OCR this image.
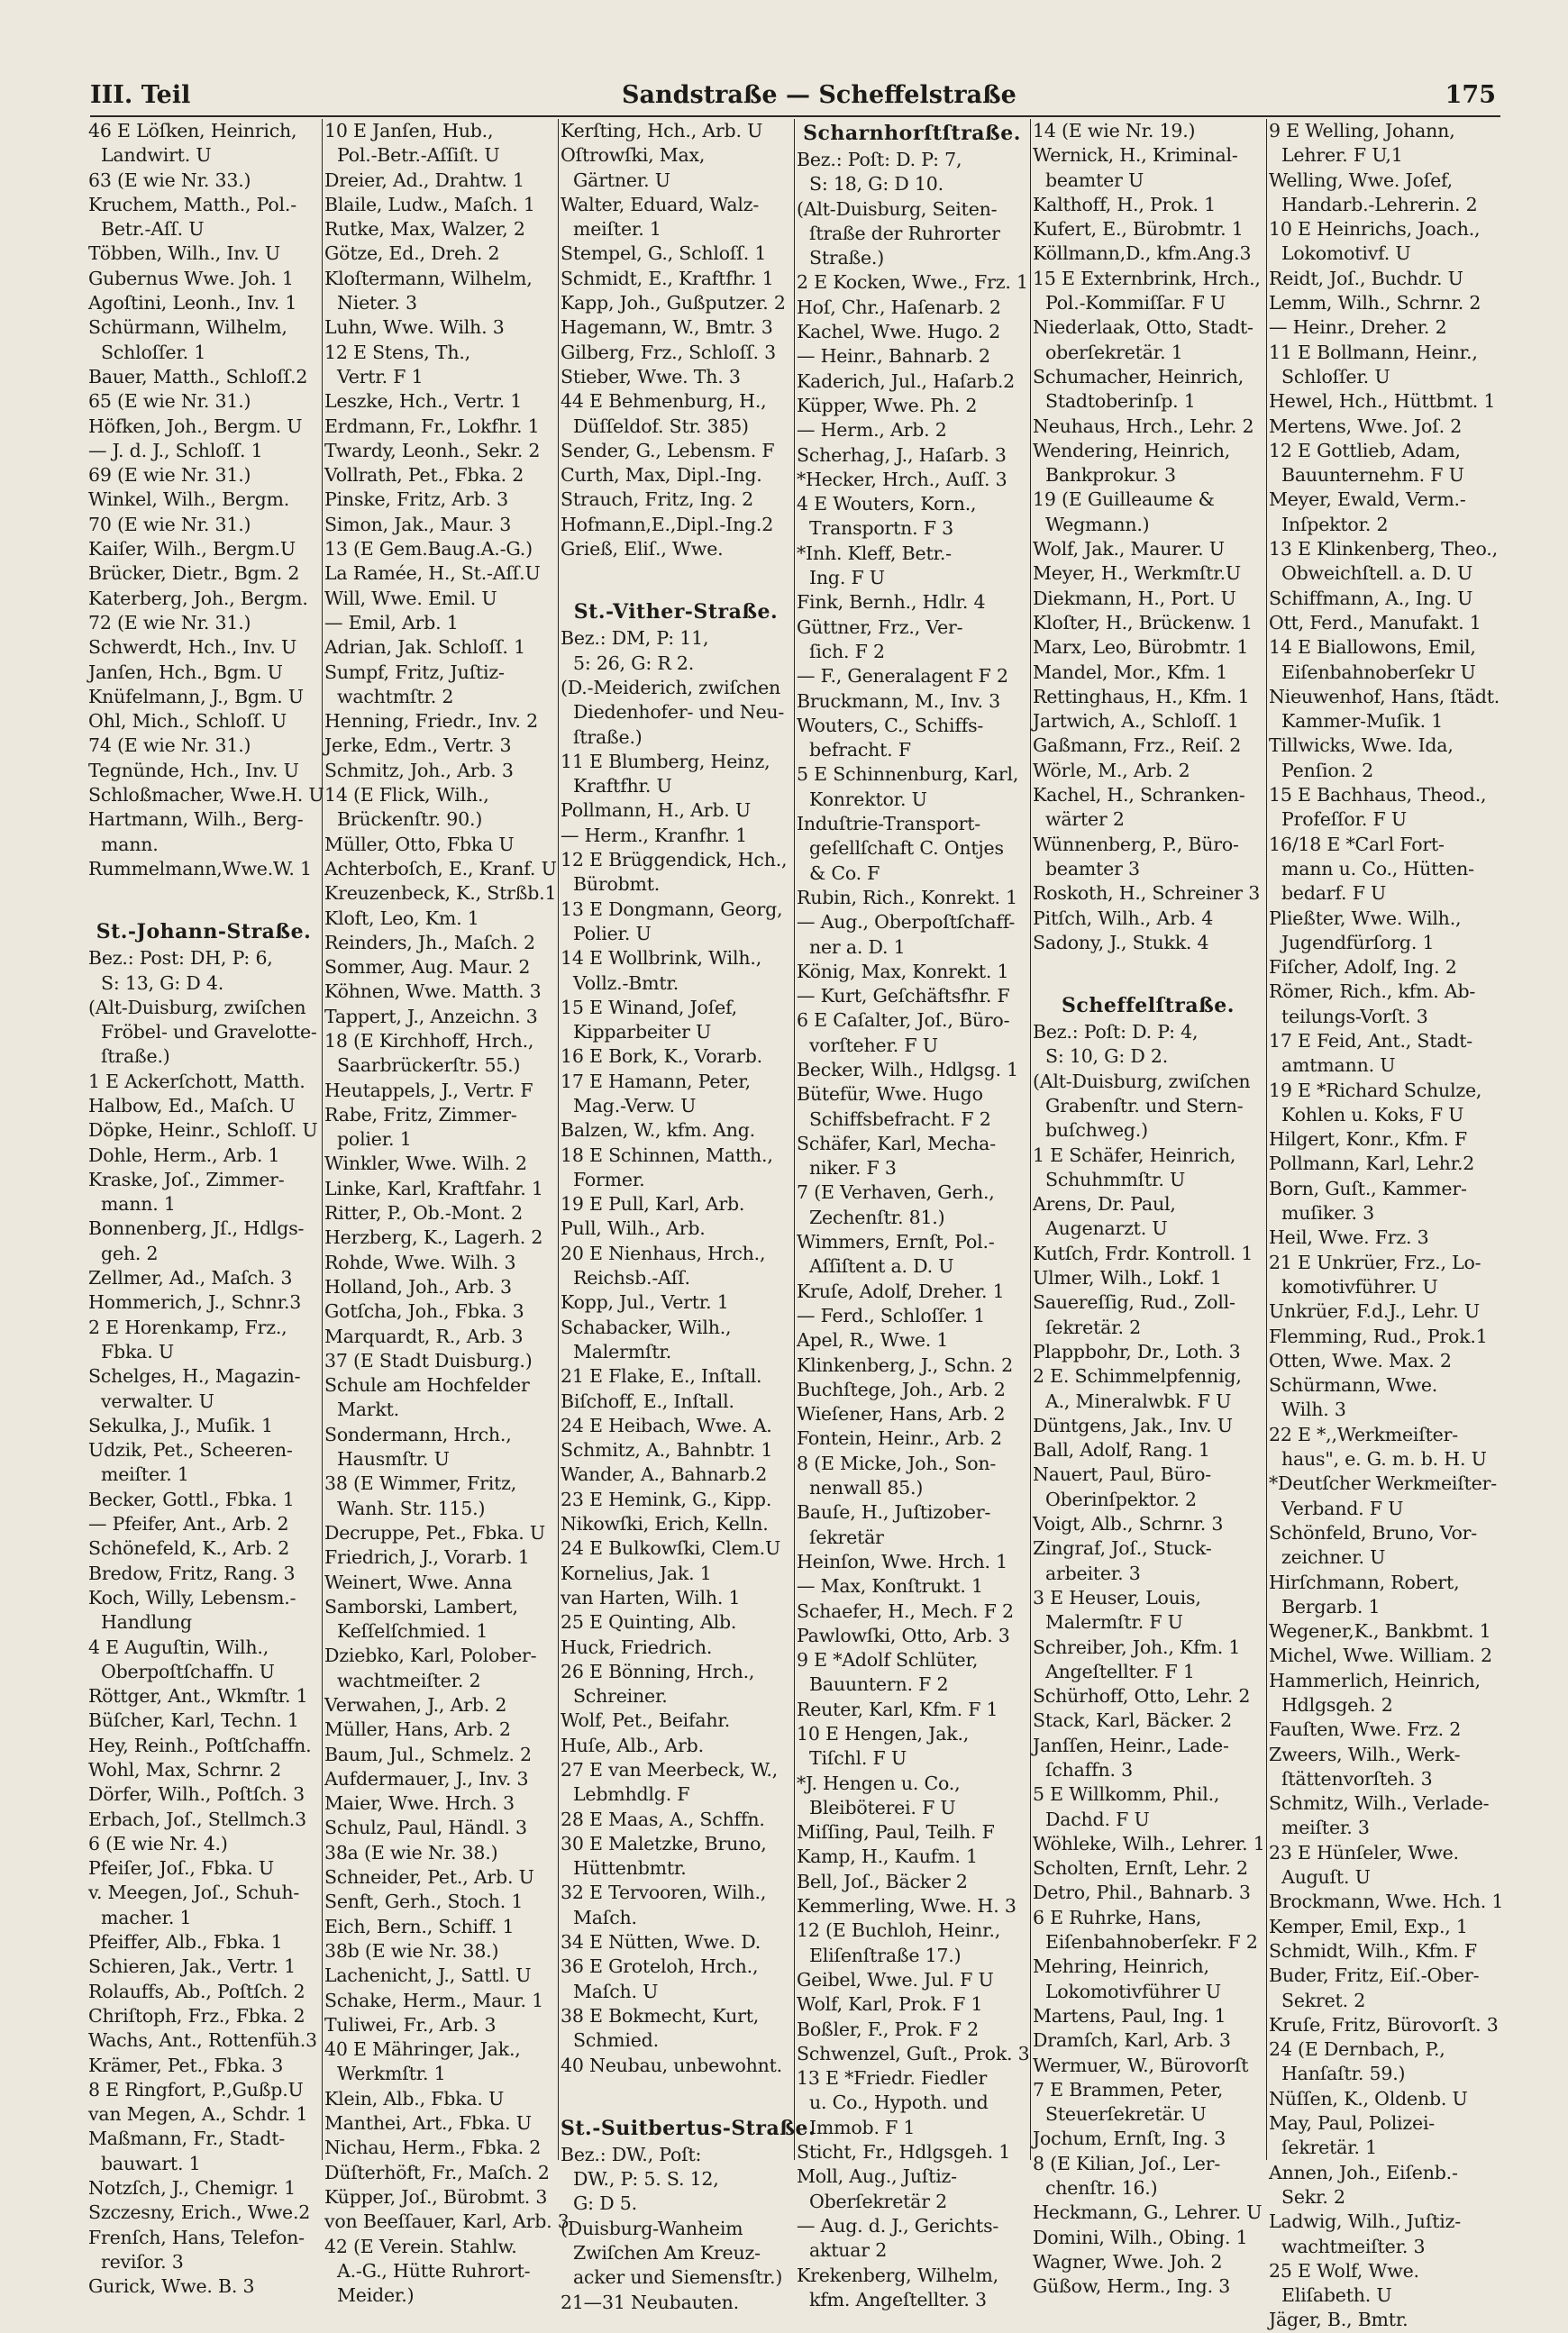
III. Teil	Sandstraße — Scheffelstraße	175
46 E Löſken, Heinrich,
Landwirt. U
63 (E wie Nr. 33.)
Kruchem, Matth., Pol.-
Betr.-Aſſ. U
Többen, Wilh., Inv. U
Gubernus Wwe. Joh. 1
Agoſtini, Leonh., Inv. 1
Schürmann, Wilhelm,
Schloſſer. 1
Bauer, Matth., Schloſſ.2
65 (E wie Nr. 31.)
Höfken, Joh., Bergm. U
— J. d. J., Schloſſ. 1
69 (E wie Nr. 31.)
Winkel, Wilh., Bergm.
70 (E wie Nr. 31.)
Kaiſer, Wilh., Bergm.U
Brücker, Dietr., Bgm. 2
Katerberg, Joh., Bergm.
72 (E wie Nr. 31.)
Schwerdt, Hch., Inv. U
Janſen, Hch., Bgm. U
Knüfelmann, J., Bgm. U
Ohl, Mich., Schloſſ. U
74 (E wie Nr. 31.)
Tegnünde, Hch., Inv. U
Schloßmacher, Wwe.H. U
Hartmann, Wilh., Berg-
mann.
Rummelmann,Wwe.W. 1
St.-Johann-Straße.
Bez.: Post: DH, P: 6,
S: 13, G: D 4.
(Alt-Duisburg, zwiſchen
Fröbel- und Gravelotte-
ſtraße.)
1 E Ackerſchott, Matth.
Halbow, Ed., Maſch. U
Döpke, Heinr., Schloſſ. U
Dohle, Herm., Arb. 1
Kraske, Joſ., Zimmer-
mann. 1
Bonnenberg, Jſ., Hdlgs-
geh. 2
Zellmer, Ad., Maſch. 3
Hommerich, J., Schnr.3
2 E Horenkamp, Frz.,
Fbka. U
Schelges, H., Magazin-
verwalter. U
Sekulka, J., Muſik. 1
Udzik, Pet., Scheeren-
meiſter. 1
Becker, Gottl., Fbka. 1
— Pfeifer, Ant., Arb. 2
Schönefeld, K., Arb. 2
Bredow, Fritz, Rang. 3
Koch, Willy, Lebensm.-
Handlung
4 E Auguſtin, Wilh.,
Oberpoſtſchaffn. U
Röttger, Ant., Wkmſtr. 1
Büſcher, Karl, Techn. 1
Hey, Reinh., Poſtſchaffn.
Wohl, Max, Schrnr. 2
Dörfer, Wilh., Poſtſch. 3
Erbach, Joſ., Stellmch.3
6 (E wie Nr. 4.)
Pfeiſer, Joſ., Fbka. U
v. Meegen, Joſ., Schuh-
macher. 1
Pfeiffer, Alb., Fbka. 1
Schieren, Jak., Vertr. 1
Rolauffs, Ab., Poſtſch. 2
Chriſtoph, Frz., Fbka. 2
Wachs, Ant., Rottenfüh.3
Krämer, Pet., Fbka. 3
8 E Ringfort, P.,Gußp.U
van Megen, A., Schdr. 1
Maßmann, Fr., Stadt-
bauwart. 1
Notzſch, J., Chemigr. 1
Szczesny, Erich., Wwe.2
Frenſch, Hans, Telefon-
reviſor. 3
Gurick, Wwe. B. 3
10 E Janſen, Hub.,
Pol.-Betr.-Aſſiſt. U
Dreier, Ad., Drahtw. 1
Blaile, Ludw., Maſch. 1
Rutke, Max, Walzer, 2
Götze, Ed., Dreh. 2
Kloſtermann, Wilhelm,
Nieter. 3
Luhn, Wwe. Wilh. 3
12 E Stens, Th.,
Vertr. F 1
Leszke, Hch., Vertr. 1
Erdmann, Fr., Lokfhr. 1
Twardy, Leonh., Sekr. 2
Vollrath, Pet., Fbka. 2
Pinske, Fritz, Arb. 3
Simon, Jak., Maur. 3
13 (E Gem.Baug.A.-G.)
La Ramée, H., St.-Aſſ.U
Will, Wwe. Emil. U
— Emil, Arb. 1
Adrian, Jak. Schloſſ. 1
Sumpf, Fritz, Juſtiz-
wachtmſtr. 2
Henning, Friedr., Inv. 2
Jerke, Edm., Vertr. 3
Schmitz, Joh., Arb. 3
14 (E Flick, Wilh.,
Brückenſtr. 90.)
Müller, Otto, Fbka U
Achterboſch, E., Kranf. U
Kreuzenbeck, K., Strßb.1
Kloft, Leo, Km. 1
Reinders, Jh., Maſch. 2
Sommer, Aug. Maur. 2
Köhnen, Wwe. Matth. 3
Tappert, J., Anzeichn. 3
18 (E Kirchhoff, Hrch.,
Saarbrückerſtr. 55.)
Heutappels, J., Vertr. F
Rabe, Fritz, Zimmer-
polier. 1
Winkler, Wwe. Wilh. 2
Linke, Karl, Kraftfahr. 1
Ritter, P., Ob.-Mont. 2
Herzberg, K., Lagerh. 2
Rohde, Wwe. Wilh. 3
Holland, Joh., Arb. 3
Gotſcha, Joh., Fbka. 3
Marquardt, R., Arb. 3
37 (E Stadt Duisburg.)
Schule am Hochfelder
Markt.
Sondermann, Hrch.,
Hausmſtr. U
38 (E Wimmer, Fritz,
Wanh. Str. 115.)
Decruppe, Pet., Fbka. U
Friedrich, J., Vorarb. 1
Weinert, Wwe. Anna
Samborski, Lambert,
Keſſelſchmied. 1
Dziebko, Karl, Polober-
wachtmeiſter. 2
Verwahen, J., Arb. 2
Müller, Hans, Arb. 2
Baum, Jul., Schmelz. 2
Aufdermauer, J., Inv. 3
Maier, Wwe. Hrch. 3
Schulz, Paul, Händl. 3
38a (E wie Nr. 38.)
Schneider, Pet., Arb. U
Senft, Gerh., Stoch. 1
Eich, Bern., Schiff. 1
38b (E wie Nr. 38.)
Lachenicht, J., Sattl. U
Schake, Herm., Maur. 1
Tuliwei, Fr., Arb. 3
40 E Mähringer, Jak.,
Werkmſtr. 1
Klein, Alb., Fbka. U
Manthei, Art., Fbka. U
Nichau, Herm., Fbka. 2
Düſterhöft, Fr., Maſch. 2
Küpper, Joſ., Bürobmt. 3
von Beeſſauer, Karl, Arb. 3
42 (E Verein. Stahlw.
A.-G., Hütte Ruhrort-
Meider.)
Kerſting, Hch., Arb. U
Oſtrowſki, Max,
Gärtner. U
Walter, Eduard, Walz-
meiſter. 1
Stempel, G., Schloſſ. 1
Schmidt, E., Kraftfhr. 1
Kapp, Joh., Gußputzer. 2
Hagemann, W., Bmtr. 3
Gilberg, Frz., Schloſſ. 3
Stieber, Wwe. Th. 3
44 E Behmenburg, H.,
Düſſeldof. Str. 385)
Sender, G., Lebensm. F
Curth, Max, Dipl.-Ing.
Strauch, Fritz, Ing. 2
Hofmann,E.,Dipl.-Ing.2
Grieß, Eliſ., Wwe.
St.-Vither-Straße.
Bez.: DM, P: 11,
5: 26, G: R 2.
(D.-Meiderich, zwiſchen
Diedenhofer- und Neu-
ſtraße.)
11 E Blumberg, Heinz,
Kraftfhr. U
Pollmann, H., Arb. U
— Herm., Kranfhr. 1
12 E Brüggendick, Hch.,
Bürobmt.
13 E Dongmann, Georg,
Polier. U
14 E Wollbrink, Wilh.,
Vollz.-Bmtr.
15 E Winand, Joſef,
Kipparbeiter U
16 E Bork, K., Vorarb.
17 E Hamann, Peter,
Mag.-Verw. U
Balzen, W., kfm. Ang.
18 E Schinnen, Matth.,
Former.
19 E Pull, Karl, Arb.
Pull, Wilh., Arb.
20 E Nienhaus, Hrch.,
Reichsb.-Aſſ.
Kopp, Jul., Vertr. 1
Schabacker, Wilh.,
Malermſtr.
21 E Flake, E., Inſtall.
Biſchoff, E., Inſtall.
24 E Heibach, Wwe. A.
Schmitz, A., Bahnbtr. 1
Wander, A., Bahnarb.2
23 E Hemink, G., Kipp.
Nikowſki, Erich, Kelln.
24 E Bulkowſki, Clem.U
Kornelius, Jak. 1
van Harten, Wilh. 1
25 E Quinting, Alb.
Huck, Friedrich.
26 E Bönning, Hrch.,
Schreiner.
Wolf, Pet., Beifahr.
Huſe, Alb., Arb.
27 E van Meerbeck, W.,
Lebmhdlg. F
28 E Maas, A., Schffn.
30 E Maletzke, Bruno,
Hüttenbmtr.
32 E Tervooren, Wilh.,
Maſch.
34 E Nütten, Wwe. D.
36 E Groteloh, Hrch.,
Maſch. U
38 E Bokmecht, Kurt,
Schmied.
40 Neubau, unbewohnt.
St.-Suitbertus-Straße.
Bez.: DW., Poſt:
DW., P: 5. S. 12,
G: D 5.
(Duisburg-Wanheim
Zwiſchen Am Kreuz-
acker und Siemensſtr.)
21—31 Neubauten.
Scharnhorſtſtraße.
Bez.: Poſt: D. P: 7,
S: 18, G: D 10.
(Alt-Duisburg, Seiten-
ſtraße der Ruhrorter
Straße.)
2 E Kocken, Wwe., Frz. 1
Hoſ, Chr., Haſenarb. 2
Kachel, Wwe. Hugo. 2
— Heinr., Bahnarb. 2
Kaderich, Jul., Haſarb.2
Küpper, Wwe. Ph. 2
— Herm., Arb. 2
Scherhag, J., Haſarb. 3
*Hecker, Hrch., Auſſ. 3
4 E Wouters, Korn.,
Transportn. F 3
*Inh. Kleff, Betr.-
Ing. F U
Fink, Bernh., Hdlr. 4
Güttner, Frz., Ver-
ſich. F 2
— F., Generalagent F 2
Bruckmann, M., Inv. 3
Wouters, C., Schiffs-
befracht. F
5 E Schinnenburg, Karl,
Konrektor. U
Induſtrie-Transport-
geſellſchaft C. Ontjes
& Co. F
Rubin, Rich., Konrekt. 1
— Aug., Oberpoſtſchaff-
ner a. D. 1
König, Max, Konrekt. 1
— Kurt, Geſchäftsfhr. F
6 E Caſalter, Joſ., Büro-
vorſteher. F U
Becker, Wilh., Hdlgsg. 1
Bütefür, Wwe. Hugo
Schiffsbefracht. F 2
Schäfer, Karl, Mecha-
niker. F 3
7 (E Verhaven, Gerh.,
Zechenſtr. 81.)
Wimmers, Ernſt, Pol.-
Aſſiſtent a. D. U
Kruſe, Adolf, Dreher. 1
— Ferd., Schloſſer. 1
Apel, R., Wwe. 1
Klinkenberg, J., Schn. 2
Buchſtege, Joh., Arb. 2
Wieſener, Hans, Arb. 2
Fontein, Heinr., Arb. 2
8 (E Micke, Joh., Son-
nenwall 85.)
Bauſe, H., Juſtizober-
ſekretär
Heinſon, Wwe. Hrch. 1
— Max, Konſtrukt. 1
Schaefer, H., Mech. F 2
Pawlowſki, Otto, Arb. 3
9 E *Adolf Schlüter,
Bauuntern. F 2
Reuter, Karl, Kfm. F 1
10 E Hengen, Jak.,
Tiſchl. F U
*J. Hengen u. Co.,
Bleiböterei. F U
Miſſing, Paul, Teilh. F
Kamp, H., Kaufm. 1
Bell, Joſ., Bäcker 2
Kemmerling, Wwe. H. 3
12 (E Buchloh, Heinr.,
Eliſenſtraße 17.)
Geibel, Wwe. Jul. F U
Wolf, Karl, Prok. F 1
Boßler, F., Prok. F 2
Schwenzel, Guſt., Prok. 3
13 E *Friedr. Fiedler
u. Co., Hypoth. und
Immob. F 1
Sticht, Fr., Hdlgsgeh. 1
Moll, Aug., Juſtiz-
Oberſekretär 2
— Aug. d. J., Gerichts-
aktuar 2
Krekenberg, Wilhelm,
kfm. Angeſtellter. 3
14 (E wie Nr. 19.)
Wernick, H., Kriminal-
beamter U
Kalthoff, H., Prok. 1
Kufert, E., Bürobmtr. 1
Köllmann,D., kfm.Ang.3
15 E Externbrink, Hrch.,
Pol.-Kommiſſar. F U
Niederlaak, Otto, Stadt-
oberſekretär. 1
Schumacher, Heinrich,
Stadtoberinſp. 1
Neuhaus, Hrch., Lehr. 2
Wendering, Heinrich,
Bankprokur. 3
19 (E Guilleaume &
Wegmann.)
Wolf, Jak., Maurer. U
Meyer, H., Werkmſtr.U
Diekmann, H., Port. U
Kloſter, H., Brückenw. 1
Marx, Leo, Bürobmtr. 1
Mandel, Mor., Kfm. 1
Rettinghaus, H., Kfm. 1
Jartwich, A., Schloſſ. 1
Gaßmann, Frz., Reiſ. 2
Wörle, M., Arb. 2
Kachel, H., Schranken-
wärter 2
Wünnenberg, P., Büro-
beamter 3
Roskoth, H., Schreiner 3
Pitſch, Wilh., Arb. 4
Sadony, J., Stukk. 4
Scheffelſtraße.
Bez.: Poſt: D. P: 4,
S: 10, G: D 2.
(Alt-Duisburg, zwiſchen
Grabenſtr. und Stern-
buſchweg.)
1 E Schäfer, Heinrich,
Schuhmmſtr. U
Arens, Dr. Paul,
Augenarzt. U
Kutſch, Frdr. Kontroll. 1
Ulmer, Wilh., Lokf. 1
Sauereſſig, Rud., Zoll-
ſekretär. 2
Plappbohr, Dr., Loth. 3
2 E. Schimmelpfennig,
A., Mineralwbk. F U
Düntgens, Jak., Inv. U
Ball, Adolf, Rang. 1
Nauert, Paul, Büro-
Oberinſpektor. 2
Voigt, Alb., Schrnr. 3
Zingraf, Joſ., Stuck-
arbeiter. 3
3 E Heuser, Louis,
Malermſtr. F U
Schreiber, Joh., Kfm. 1
Angeſtellter. F 1
Schürhoff, Otto, Lehr. 2
Stack, Karl, Bäcker. 2
Janſſen, Heinr., Lade-
ſchaffn. 3
5 E Willkomm, Phil.,
Dachd. F U
Wöhleke, Wilh., Lehrer. 1
Scholten, Ernſt, Lehr. 2
Detro, Phil., Bahnarb. 3
6 E Ruhrke, Hans,
Eiſenbahnoberſekr. F 2
Mehring, Heinrich,
Lokomotivführer U
Martens, Paul, Ing. 1
Dramſch, Karl, Arb. 3
Wermuer, W., Bürovorſt
7 E Brammen, Peter,
Steuerſekretär. U
Jochum, Ernſt, Ing. 3
8 (E Kilian, Joſ., Ler-
chenſtr. 16.)
Heckmann, G., Lehrer. U
Domini, Wilh., Obing. 1
Wagner, Wwe. Joh. 2
Güßow, Herm., Ing. 3
9 E Welling, Johann,
Lehrer. F U,1
Welling, Wwe. Joſef,
Handarb.-Lehrerin. 2
10 E Heinrichs, Joach.,
Lokomotivf. U
Reidt, Joſ., Buchdr. U
Lemm, Wilh., Schrnr. 2
— Heinr., Dreher. 2
11 E Bollmann, Heinr.,
Schloſſer. U
Hewel, Hch., Hüttbmt. 1
Mertens, Wwe. Joſ. 2
12 E Gottlieb, Adam,
Bauunternehm. F U
Meyer, Ewald, Verm.-
Inſpektor. 2
13 E Klinkenberg, Theo.,
Obweichſtell. a. D. U
Schiffmann, A., Ing. U
Ott, Ferd., Manufakt. 1
14 E Biallowons, Emil,
Eiſenbahnoberſekr U
Nieuwenhof, Hans, ſtädt.
Kammer-Muſik. 1
Tillwicks, Wwe. Ida,
Penſion. 2
15 E Bachhaus, Theod.,
Profeſſor. F U
16/18 E *Carl Fort-
mann u. Co., Hütten-
bedarf. F U
Pließter, Wwe. Wilh.,
Jugendfürſorg. 1
Fiſcher, Adolf, Ing. 2
Römer, Rich., kfm. Ab-
teilungs-Vorſt. 3
17 E Feid, Ant., Stadt-
amtmann. U
19 E *Richard Schulze,
Kohlen u. Koks, F U
Hilgert, Konr., Kfm. F
Pollmann, Karl, Lehr.2
Born, Guſt., Kammer-
muſiker. 3
Heil, Wwe. Frz. 3
21 E Unkrüer, Frz., Lo-
komotivführer. U
Unkrüer, F.d.J., Lehr. U
Flemming, Rud., Prok.1
Otten, Wwe. Max. 2
Schürmann, Wwe.
Wilh. 3
22 E *,,Werkmeiſter-
haus", e. G. m. b. H. U
*Deutſcher Werkmeiſter-
Verband. F U
Schönfeld, Bruno, Vor-
zeichner. U
Hirſchmann, Robert,
Bergarb. 1
Wegener,K., Bankbmt. 1
Michel, Wwe. William. 2
Hammerlich, Heinrich,
Hdlgsgeh. 2
Fauſten, Wwe. Frz. 2
Zweers, Wilh., Werk-
ſtättenvorſteh. 3
Schmitz, Wilh., Verlade-
meiſter. 3
23 E Hünſeler, Wwe.
Auguſt. U
Brockmann, Wwe. Hch. 1
Kemper, Emil, Exp., 1
Schmidt, Wilh., Kfm. F
Buder, Fritz, Eiſ.-Ober-
Sekret. 2
Kruſe, Fritz, Bürovorſt. 3
24 (E Dernbach, P.,
Hanſaſtr. 59.)
Nüſſen, K., Oldenb. U
May, Paul, Polizei-
ſekretär. 1
Annen, Joh., Eiſenb.-
Sekr. 2
Ladwig, Wilh., Juſtiz-
wachtmeiſter. 3
25 E Wolf, Wwe.
Eliſabeth. U
Jäger, B., Bmtr.
